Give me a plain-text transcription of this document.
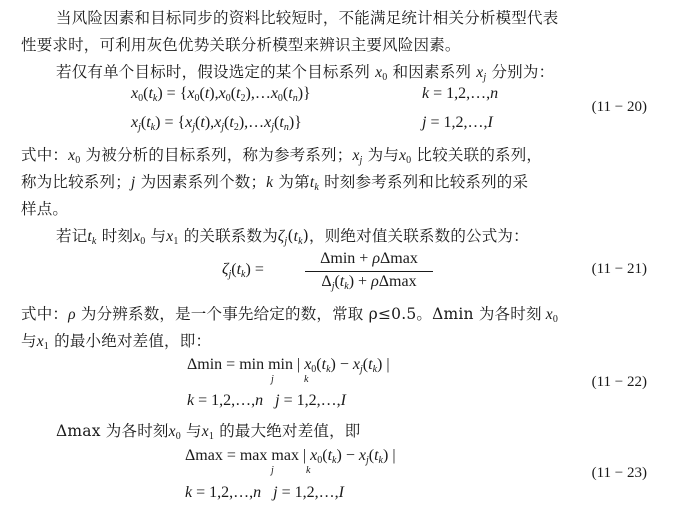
当风险因素和目标同步的资料比较短时，不能满足统计相关分析模型代表
性要求时，可利用灰色优势关联分析模型来辨识主要风险因素。
若仅有单个目标时，假设选定的某个目标系列 $x_0$ 和因素系列 $x_j$ 分别为：
$x_0(t_k)$ = $\{x_0(t),x_0(t_2),\dots x_0(t_n)\}$	k = 1,2,…,n
$x_j(t_k)$ = $\{x_j(t),x_j(t_2),\dots x_j(t_n)\}$	j = 1,2,…,I
(11 − 20)
式中：$x_0$ 为被分析的目标系列，称为参考系列；$x_j$ 为与$x_0$ 比较关联的系列，
称为比较系列；j 为因素系列个数；k 为第$t_k$ 时刻参考系列和比较系列的采
样点。
若记$t_k$ 时刻$x_0$ 与$x_1$ 的关联系数为$\zeta_j(t_k)$，则绝对值关联系数的公式为：
$\zeta_j(t_k)$ =
Δmin + ρΔmax
$\Delta_j(t_k) + \rho\Delta\max$
(11 − 21)
式中：ρ 为分辨系数，是一个事先给定的数，常取 ρ≤0.5。Δmin 为各时刻 $x_0$
与$x_1$ 的最小绝对差值，即：
Δmin = min min | $x_0(t_k) - x_j(t_k)$ |
j	k
k = 1,2,…,n j = 1,2,…,I
(11 − 22)
Δmax 为各时刻$x_0$ 与$x_1$ 的最大绝对差值，即
Δmax = max max | $x_0(t_k) - x_j(t_k)$ |
j	k
k = 1,2,…,n j = 1,2,…,I
(11 − 23)
